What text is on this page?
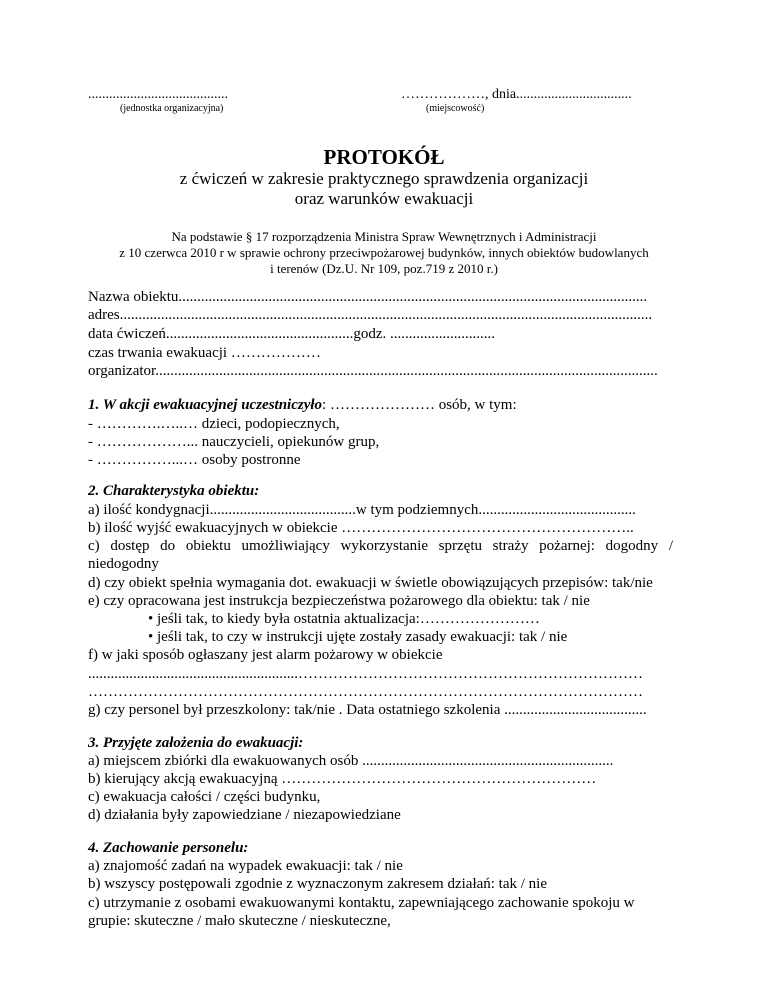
........................................
(jednostka organizacyjna)
………………, dnia.................................
(miejscowość)
PROTOKÓŁ
z ćwiczeń w zakresie praktycznego sprawdzenia organizacji
oraz warunków ewakuacji
Na podstawie § 17 rozporządzenia Ministra Spraw Wewnętrznych i Administracji
z 10 czerwca 2010 r w sprawie ochrony przeciwpożarowej budynków, innych obiektów budowlanych
i terenów (Dz.U. Nr 109, poz.719 z 2010 r.)
Nazwa obiektu.............................................................................................................................
adres..............................................................................................................................................
data ćwiczeń..................................................godz. ............................
czas trwania ewakuacji ………………
organizator......................................................................................................................................
1. W akcji ewakuacyjnej uczestniczyło: ………………… osób, w tym:
- ………….…..… dzieci, podopiecznych,
- ………………... nauczycieli, opiekunów grup,
- ……………...… osoby postronne
2. Charakterystyka obiektu:
a) ilość kondygnacji.......................................w tym podziemnych..........................................
b) ilość wyjść ewakuacyjnych w obiekcie …………………………………………………..
c) dostęp do obiektu umożliwiający wykorzystanie sprzętu straży pożarnej: dogodny /
niedogodny
d) czy obiekt spełnia wymagania dot. ewakuacji w świetle obowiązujących przepisów: tak/nie
e) czy opracowana jest instrukcja bezpieczeństwa pożarowego dla obiektu: tak / nie
• jeśli tak, to kiedy była ostatnia aktualizacja:……………………
• jeśli tak, to czy w instrukcji ujęte zostały zasady ewakuacji: tak / nie
f) w jaki sposób ogłaszany jest alarm pożarowy w obiekcie
........................................................……………………………………………………………
…………………………………………………………………………………………………
g) czy personel był przeszkolony: tak/nie . Data ostatniego szkolenia ......................................
3. Przyjęte założenia do ewakuacji:
a) miejscem zbiórki dla ewakuowanych osób ...................................................................
b) kierujący akcją ewakuacyjną ………………………………………………………
c) ewakuacja całości / części budynku,
d) działania były zapowiedziane / niezapowiedziane
4. Zachowanie personelu:
a) znajomość zadań na wypadek ewakuacji: tak / nie
b) wszyscy postępowali zgodnie z wyznaczonym zakresem działań: tak / nie
c) utrzymanie z osobami ewakuowanymi kontaktu, zapewniającego zachowanie spokoju w
grupie: skuteczne / mało skuteczne / nieskuteczne,
